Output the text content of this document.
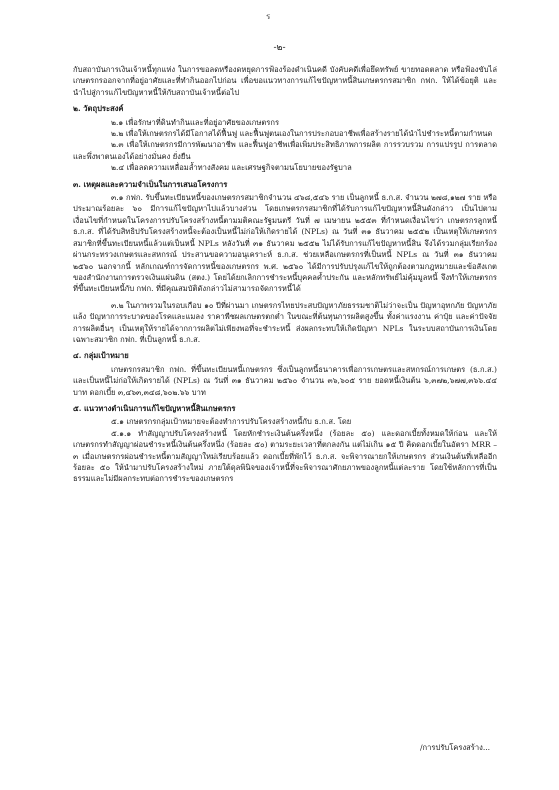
ร
-๒-

กับสถาบันการเงินเจ้าหนี้ทุกแห่ง ในการขอลดหรืองดหยุดการฟ้องร้องดำเนินคดี บังคับคดีเพื่อยึดทรัพย์ ขายทอดตลาด หรือฟ้องขับไล่เกษตรกรออกจากที่อยู่อาศัยและที่ทำกินออกไปก่อน เพื่อขอแนวทางการแก้ไขปัญหาหนี้สินเกษตรกรสมาชิก กฟก. ให้ได้ข้อยุติ และนำไปสู่การแก้ไขปัญหาหนี้ให้กับสถาบันเจ้าหนี้ต่อไป

๒. วัตถุประสงค์

๒.๑ เพื่อรักษาที่ดินทำกินและที่อยู่อาศัยของเกษตรกร

๒.๒ เพื่อให้เกษตรกรได้มีโอกาสได้ฟื้นฟู และฟื้นฟูตนเองในการประกอบอาชีพเพื่อสร้างรายได้นำไปชำระหนี้ตามกำหนด

๒.๓ เพื่อให้เกษตรกรมีการพัฒนาอาชีพ และฟื้นฟูอาชีพเพื่อเพิ่มประสิทธิภาพการผลิต การรวบรวม การแปรรูป การตลาด และพึ่งพาตนเองได้อย่างมั่นคง ยั่งยืน

๒.๔ เพื่อลดความเหลื่อมล้ำทางสังคม และเศรษฐกิจตามนโยบายของรัฐบาล

๓. เหตุผลและความจำเป็นในการเสนอโครงการ

๓.๑ กฟก. รับขึ้นทะเบียนหนี้ของเกษตรกรสมาชิกจำนวน ๔๖๘,๕๔๖ ราย เป็นลูกหนี้ ธ.ก.ส. จำนวน ๒๗๘,๑๒๗ ราย หรือประมาณร้อยละ ๖๐ มีการแก้ไขปัญหาไปแล้วบางส่วน โดยเกษตรกรสมาชิกที่ได้รับการแก้ไขปัญหาหนี้สินดังกล่าว เป็นไปตามเงื่อนไขที่กำหนดในโครงการปรับโครงสร้างหนี้ตามมติคณะรัฐมนตรี วันที่ ๗ เมษายน ๒๕๕๓ ที่กำหนดเงื่อนไขว่า เกษตรกรลูกหนี้ ธ.ก.ส. ที่ได้รับสิทธิปรับโครงสร้างหนี้จะต้องเป็นหนี้ไม่ก่อให้เกิดรายได้ (NPLs) ณ วันที่ ๓๑ ธันวาคม ๒๕๕๒ เป็นเหตุให้เกษตรกรสมาชิกที่ขึ้นทะเบียนหนี้แล้วแต่เป็นหนี้ NPLs หลังวันที่ ๓๑ ธันวาคม ๒๕๕๒ ไม่ได้รับการแก้ไขปัญหาหนี้สิน จึงได้รวมกลุ่มเรียกร้องผ่านกระทรวงเกษตรและสหกรณ์ ประสานขอความอนุเคราะห์ ธ.ก.ส. ช่วยเหลือเกษตรกรที่เป็นหนี้ NPLs ณ วันที่ ๓๑ ธันวาคม ๒๕๖๐ นอกจากนี้ หลักเกณฑ์การจัดการหนี้ของเกษตรกร พ.ศ. ๒๕๖๐ ได้มีการปรับปรุงแก้ไขให้ถูกต้องตามกฎหมายและข้อสังเกตของสำนักงานการตรวจเงินแผ่นดิน (สตง.) โดยได้ยกเลิกการชำระหนี้บุคคลค้ำประกัน และหลักทรัพย์ไม่คุ้มมูลหนี้ จึงทำให้เกษตรกรที่ขึ้นทะเบียนหนี้กับ กฟก. ที่มีคุณสมบัติดังกล่าวไม่สามารถจัดการหนี้ได้

๓.๒ ในภาพรวมในรอบเกือบ ๑๐ ปีที่ผ่านมา เกษตรกรไทยประสบปัญหาภัยธรรมชาติไม่ว่าจะเป็น ปัญหาอุทกภัย ปัญหาภัยแล้ง ปัญหาการระบาดของโรคและแมลง ราคาพืชผลเกษตรตกต่ำ ในขณะที่ต้นทุนการผลิตสูงขึ้น ทั้งค่าแรงงาน ค่าปุ๋ย และค่าปัจจัยการผลิตอื่นๆ เป็นเหตุให้รายได้จากการผลิตไม่เพียงพอที่จะชำระหนี้ ส่งผลกระทบให้เกิดปัญหา NPLs ในระบบสถาบันการเงินโดยเฉพาะสมาชิก กฟก. ที่เป็นลูกหนี้ ธ.ก.ส.

๔. กลุ่มเป้าหมาย

เกษตรกรสมาชิก กฟก. ที่ขึ้นทะเบียนหนี้เกษตรกร ซึ่งเป็นลูกหนี้ธนาคารเพื่อการเกษตรและสหกรณ์การเกษตร (ธ.ก.ส.) และเป็นหนี้ไม่ก่อให้เกิดรายได้ (NPLs) ณ วันที่ ๓๑ ธันวาคม ๒๕๖๐ จำนวน ๓๖,๖๐๕ ราย ยอดหนี้เงินต้น ๖,๓๗๒,๖๗๗,๓๖๖.๔๔ บาท ดอกเบี้ย ๓,๔๖๓,๓๔๘,๖๐๒.๖๖ บาท

๕. แนวทางดำเนินการแก้ไขปัญหาหนี้สินเกษตรกร

๕.๑ เกษตรกรกลุ่มเป้าหมายจะต้องทำการปรับโครงสร้างหนี้กับ ธ.ก.ส. โดย

๕.๑.๑ ทำสัญญาปรับโครงสร้างหนี้ โดยหักชำระเงินต้นครึ่งหนึ่ง (ร้อยละ ๕๐) และดอกเบี้ยทั้งหมดให้ก่อน และให้เกษตรกรทำสัญญาผ่อนชำระหนี้เงินต้นครึ่งหนึ่ง (ร้อยละ ๕๐) ตามระยะเวลาที่ตกลงกัน แต่ไม่เกิน ๑๕ ปี คิดดอกเบี้ยในอัตรา MRR – ๓ เมื่อเกษตรกรผ่อนชำระหนี้ตามสัญญาใหม่เรียบร้อยแล้ว ดอกเบี้ยที่พักไว้ ธ.ก.ส. จะพิจารณายกให้เกษตรกร ส่วนเงินต้นที่เหลืออีกร้อยละ ๕๐ ให้นำมาปรับโครงสร้างใหม่ ภายใต้ดุลพินิจของเจ้าหนี้ที่จะพิจารณาศักยภาพของลูกหนี้แต่ละราย โดยใช้หลักการที่เป็นธรรมและไม่มีผลกระทบต่อการชำระของเกษตรกร

/การปรับโครงสร้าง...
